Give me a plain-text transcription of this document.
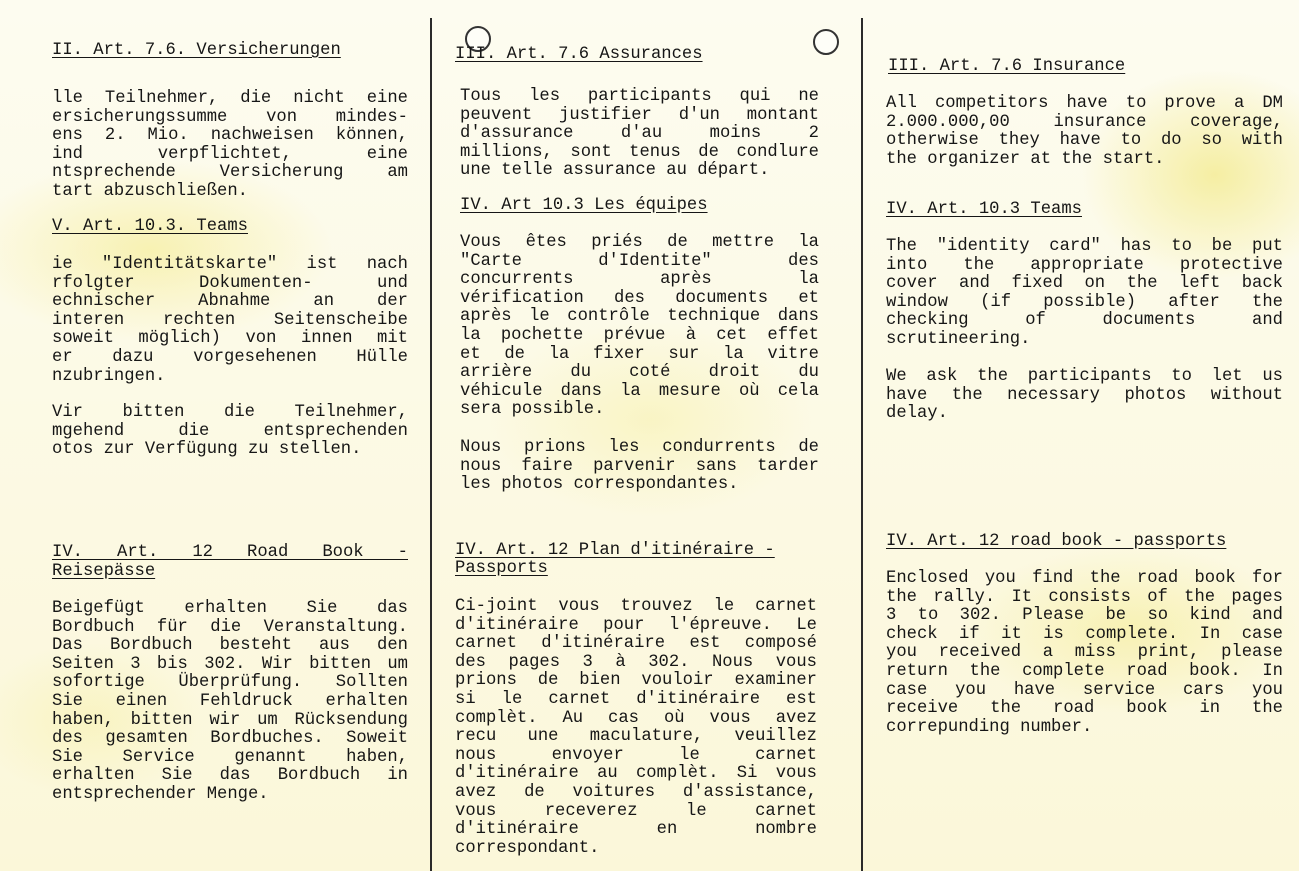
II. Art. 7.6. Versicherungen
lle Teilnehmer, die nicht eine
ersicherungssumme von mindes-
ens 2. Mio. nachweisen können,
ind verpflichtet, eine
ntsprechende Versicherung am
tart abzuschließen.
V. Art. 10.3. Teams
ie "Identitätskarte" ist nach
rfolgter Dokumenten- und
echnischer Abnahme an der
interen rechten Seitenscheibe
soweit möglich) von innen mit
er dazu vorgesehenen Hülle
nzubringen.
Vir bitten die Teilnehmer,
mgehend die entsprechenden
otos zur Verfügung zu stellen.
IV. Art. 12 Road Book -
Reisepässe
Beigefügt erhalten Sie das
Bordbuch für die Veranstaltung.
Das Bordbuch besteht aus den
Seiten 3 bis 302. Wir bitten um
sofortige Überprüfung. Sollten
Sie einen Fehldruck erhalten
haben, bitten wir um Rücksendung
des gesamten Bordbuches. Soweit
Sie Service genannt haben,
erhalten Sie das Bordbuch in
entsprechender Menge.
III. Art. 7.6 Assurances
Tous les participants qui ne
peuvent justifier d'un montant
d'assurance d'au moins 2
millions, sont tenus de condlure
une telle assurance au départ.
IV. Art 10.3 Les équipes
Vous êtes priés de mettre la
"Carte d'Identite" des
concurrents après la
vérification des documents et
après le contrôle technique dans
la pochette prévue à cet effet
et de la fixer sur la vitre
arrière du coté droit du
véhicule dans la mesure où cela
sera possible.
Nous prions les condurrents de
nous faire parvenir sans tarder
les photos correspondantes.
IV. Art. 12 Plan d'itinéraire -
Passports
Ci-joint vous trouvez le carnet
d'itinéraire pour l'épreuve. Le
carnet d'itinéraire est composé
des pages 3 à 302. Nous vous
prions de bien vouloir examiner
si le carnet d'itinéraire est
complèt. Au cas où vous avez
recu une maculature, veuillez
nous envoyer le carnet
d'itinéraire au complèt. Si vous
avez de voitures d'assistance,
vous receverez le carnet
d'itinéraire en nombre
correspondant.
III. Art. 7.6 Insurance
All competitors have to prove a DM
2.000.000,00 insurance coverage,
otherwise they have to do so with
the organizer at the start.
IV. Art. 10.3 Teams
The "identity card" has to be put
into the appropriate protective
cover and fixed on the left back
window (if possible) after the
checking of documents and
scrutineering.
We ask the participants to let us
have the necessary photos without
delay.
IV. Art. 12 road book - passports
Enclosed you find the road book for
the rally. It consists of the pages
3 to 302. Please be so kind and
check if it is complete. In case
you received a miss print, please
return the complete road book. In
case you have service cars you
receive the road book in the
correpunding number.
